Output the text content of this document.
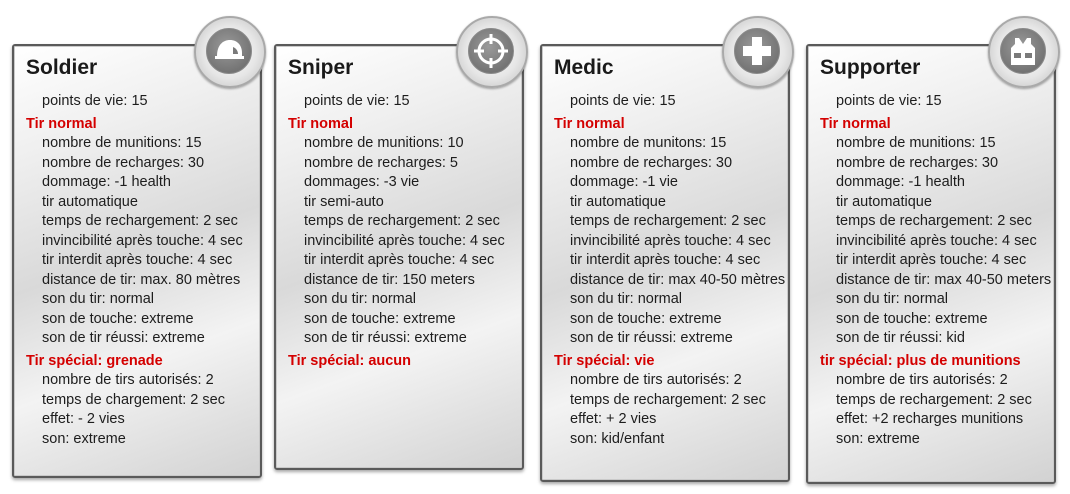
Soldier
points de vie: 15
Tir normal
nombre de munitions: 15
nombre de recharges: 30
dommage: -1 health
tir automatique
temps de rechargement: 2 sec
invincibilité après touche: 4 sec
tir interdit après touche: 4 sec
distance de tir: max. 80 mètres
son du tir: normal
son de touche: extreme
son de tir réussi: extreme
Tir spécial: grenade
nombre de tirs autorisés: 2
temps de chargement: 2 sec
effet: - 2 vies
son: extreme
Sniper
points de vie: 15
Tir nomal
nombre de munitions: 10
nombre de recharges: 5
dommages: -3 vie
tir semi-auto
temps de rechargement: 2 sec
invincibilité après touche: 4 sec
tir interdit après touche: 4 sec
distance de tir: 150 meters
son du tir: normal
son de touche: extreme
son de tir réussi: extreme
Tir spécial: aucun
Medic
points de vie: 15
Tir normal
nombre de munitons: 15
nombre de recharges: 30
dommage: -1 vie
tir automatique
temps de rechargement: 2 sec
invincibilité après touche: 4 sec
tir interdit après touche: 4 sec
distance de tir: max 40-50 mètres
son du tir: normal
son de touche: extreme
son de tir réussi: extreme
Tir spécial: vie
nombre de tirs autorisés: 2
temps de rechargement: 2 sec
effet: + 2 vies
son: kid/enfant
Supporter
points de vie: 15
Tir normal
nombre de munitions: 15
nombre de recharges: 30
dommage: -1 health
tir automatique
temps de rechargement: 2 sec
invincibilité après touche: 4 sec
tir interdit après touche: 4 sec
distance de tir: max 40-50 meters
son du tir: normal
son de touche: extreme
son de tir réussi: kid
tir spécial: plus de munitions
nombre de tirs autorisés: 2
temps de rechargement: 2 sec
effet: +2 recharges munitions
son: extreme
